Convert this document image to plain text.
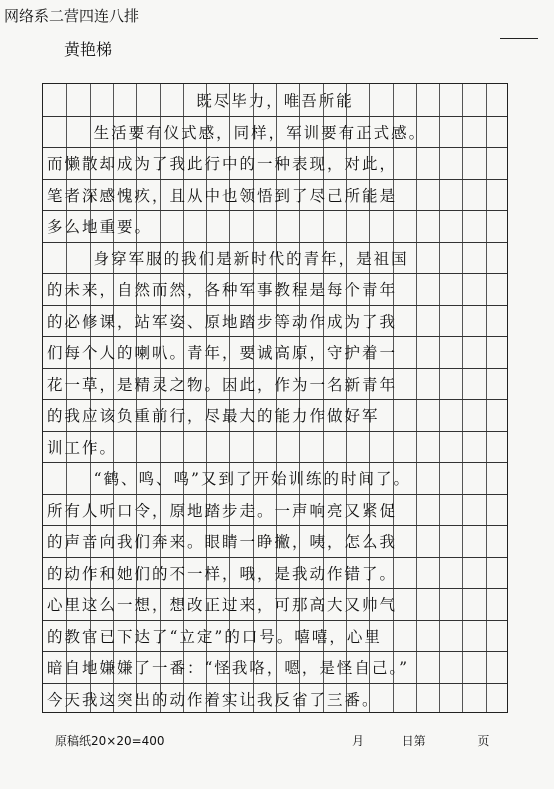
网络系二营四连八排
黄艳梯
既尽毕力，唯吾所能
生活要有仪式感，同样，军训要有正式感。
而懒散却成为了我此行中的一种表现，对此，
笔者深感愧疚，且从中也领悟到了尽己所能是
多么地重要。
身穿军服的我们是新时代的青年，是祖国
的未来，自然而然，各种军事教程是每个青年
的必修课，站军姿、原地踏步等动作成为了我
们每个人的喇叭。青年，要诚高原，守护着一
花一草，是精灵之物。因此，作为一名新青年
的我应该负重前行，尽最大的能力作做好军
训工作。
“鹤、鸣、鸣”又到了开始训练的时间了。
所有人听口令，原地踏步走。一声响亮又紧促
的声音向我们奔来。眼睛一睁撇，咦，怎么我
的动作和她们的不一样，哦，是我动作错了。
心里这么一想，想改正过来，可那高大又帅气
的教官已下达了“立定”的口号。嘻嘻，心里
暗自地嫌嫌了一番：“怪我咯，嗯，是怪自己。”
今天我这突出的动作着实让我反省了三番。
原稿纸20×20=400	月	日第	页
